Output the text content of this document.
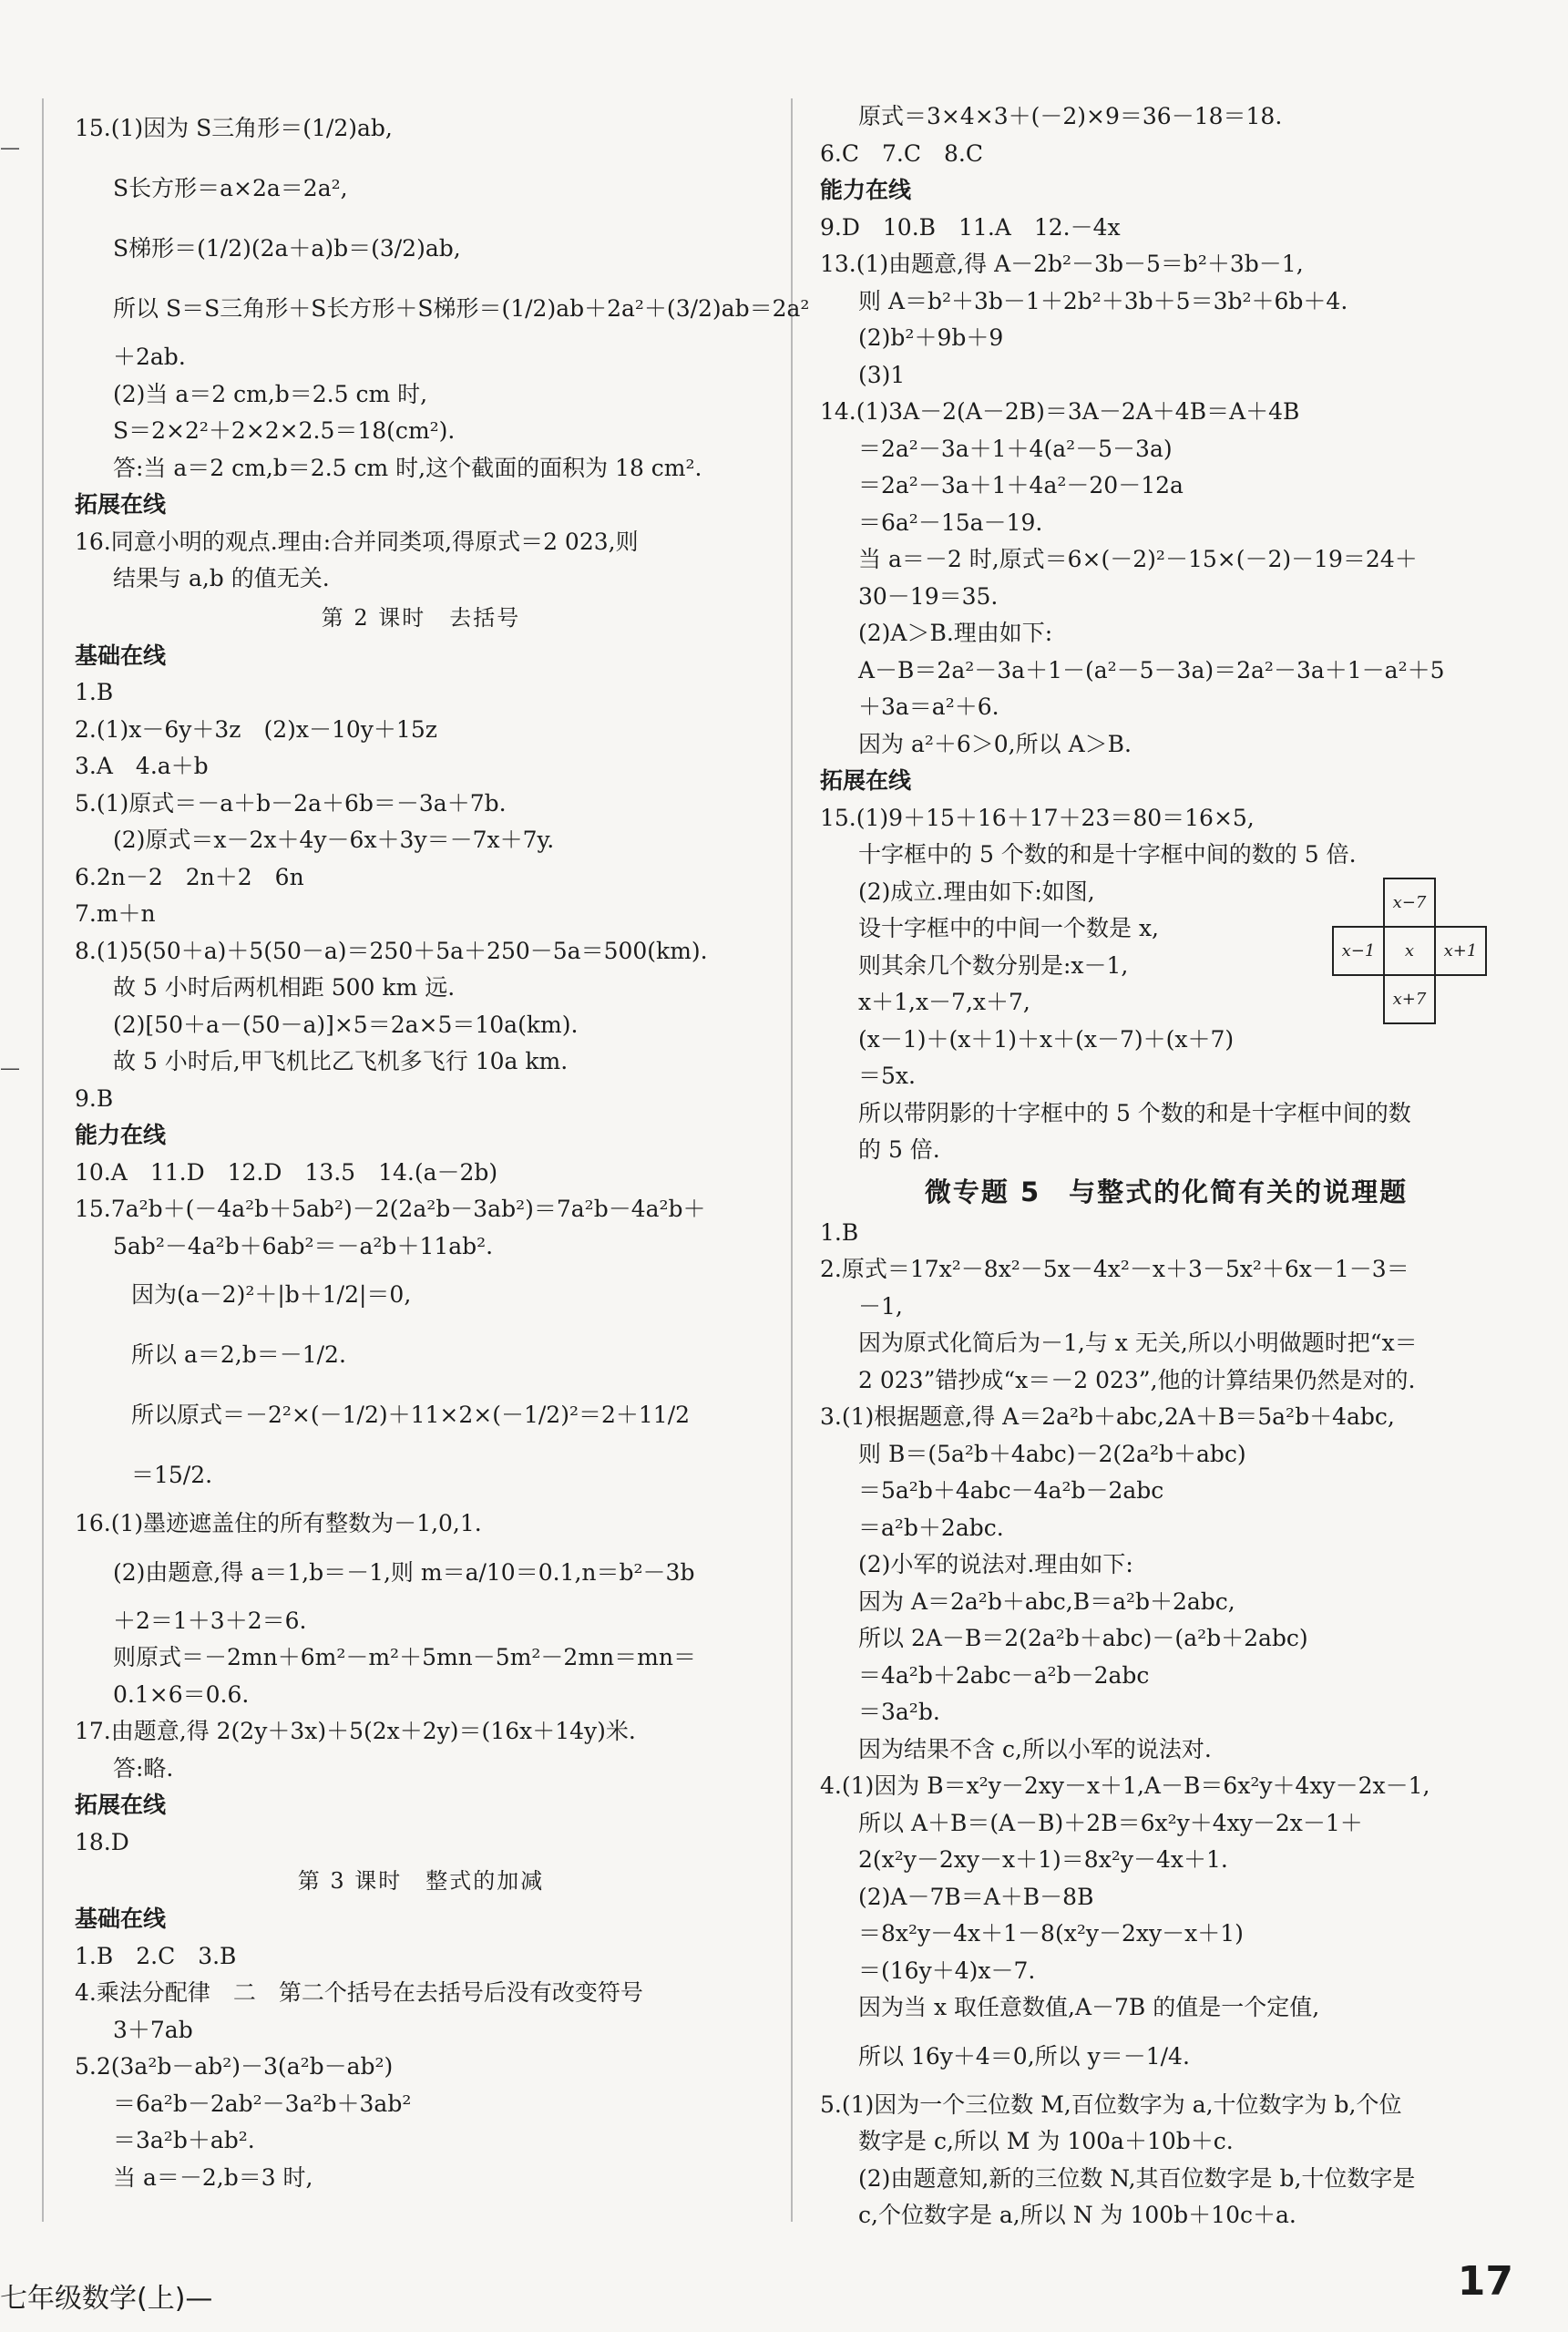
—
—
15.(1)因为 S三角形＝(1/2)ab,
S长方形＝a×2a＝2a²,
S梯形＝(1/2)(2a＋a)b＝(3/2)ab,
所以 S＝S三角形＋S长方形＋S梯形＝(1/2)ab＋2a²＋(3/2)ab＝2a²
＋2ab.
(2)当 a＝2 cm,b＝2.5 cm 时,
S＝2×2²＋2×2×2.5＝18(cm²).
答:当 a＝2 cm,b＝2.5 cm 时,这个截面的面积为 18 cm².
拓展在线
16.同意小明的观点.理由:合并同类项,得原式＝2 023,则
结果与 a,b 的值无关.
第 2 课时　去括号
基础在线
1.B
2.(1)x－6y＋3z　(2)x－10y＋15z
3.A　4.a＋b
5.(1)原式＝－a＋b－2a＋6b＝－3a＋7b.
(2)原式＝x－2x＋4y－6x＋3y＝－7x＋7y.
6.2n－2　2n＋2　6n
7.m＋n
8.(1)5(50＋a)＋5(50－a)＝250＋5a＋250－5a＝500(km).
故 5 小时后两机相距 500 km 远.
(2)[50＋a－(50－a)]×5＝2a×5＝10a(km).
故 5 小时后,甲飞机比乙飞机多飞行 10a km.
9.B
能力在线
10.A　11.D　12.D　13.5　14.(a－2b)
15.7a²b＋(－4a²b＋5ab²)－2(2a²b－3ab²)＝7a²b－4a²b＋
5ab²－4a²b＋6ab²＝－a²b＋11ab².
因为(a－2)²＋|b＋1/2|＝0,
所以 a＝2,b＝－1/2.
所以原式＝－2²×(－1/2)＋11×2×(－1/2)²＝2＋11/2
＝15/2.
16.(1)墨迹遮盖住的所有整数为－1,0,1.
(2)由题意,得 a＝1,b＝－1,则 m＝a/10＝0.1,n＝b²－3b
＋2＝1＋3＋2＝6.
则原式＝－2mn＋6m²－m²＋5mn－5m²－2mn＝mn＝
0.1×6＝0.6.
17.由题意,得 2(2y＋3x)＋5(2x＋2y)＝(16x＋14y)米.
答:略.
拓展在线
18.D
第 3 课时　整式的加减
基础在线
1.B　2.C　3.B
4.乘法分配律　二　第二个括号在去括号后没有改变符号
3＋7ab
5.2(3a²b－ab²)－3(a²b－ab²)
＝6a²b－2ab²－3a²b＋3ab²
＝3a²b＋ab².
当 a＝－2,b＝3 时,
原式＝3×4×3＋(－2)×9＝36－18＝18.
6.C　7.C　8.C
能力在线
9.D　10.B　11.A　12.－4x
13.(1)由题意,得 A－2b²－3b－5＝b²＋3b－1,
则 A＝b²＋3b－1＋2b²＋3b＋5＝3b²＋6b＋4.
(2)b²＋9b＋9
(3)1
14.(1)3A－2(A－2B)＝3A－2A＋4B＝A＋4B
＝2a²－3a＋1＋4(a²－5－3a)
＝2a²－3a＋1＋4a²－20－12a
＝6a²－15a－19.
当 a＝－2 时,原式＝6×(－2)²－15×(－2)－19＝24＋
30－19＝35.
(2)A＞B.理由如下:
A－B＝2a²－3a＋1－(a²－5－3a)＝2a²－3a＋1－a²＋5
＋3a＝a²＋6.
因为 a²＋6＞0,所以 A＞B.
拓展在线
15.(1)9＋15＋16＋17＋23＝80＝16×5,
十字框中的 5 个数的和是十字框中间的数的 5 倍.
(2)成立.理由如下:如图,
设十字框中的中间一个数是 x,
则其余几个数分别是:x－1,
x＋1,x－7,x＋7,
(x－1)＋(x＋1)＋x＋(x－7)＋(x＋7)
＝5x.
所以带阴影的十字框中的 5 个数的和是十字框中间的数
的 5 倍.
微专题 5　与整式的化简有关的说理题
1.B
2.原式＝17x²－8x²－5x－4x²－x＋3－5x²＋6x－1－3＝
－1,
因为原式化简后为－1,与 x 无关,所以小明做题时把“x＝
2 023”错抄成“x＝－2 023”,他的计算结果仍然是对的.
3.(1)根据题意,得 A＝2a²b＋abc,2A＋B＝5a²b＋4abc,
则 B＝(5a²b＋4abc)－2(2a²b＋abc)
＝5a²b＋4abc－4a²b－2abc
＝a²b＋2abc.
(2)小军的说法对.理由如下:
因为 A＝2a²b＋abc,B＝a²b＋2abc,
所以 2A－B＝2(2a²b＋abc)－(a²b＋2abc)
＝4a²b＋2abc－a²b－2abc
＝3a²b.
因为结果不含 c,所以小军的说法对.
4.(1)因为 B＝x²y－2xy－x＋1,A－B＝6x²y＋4xy－2x－1,
所以 A＋B＝(A－B)＋2B＝6x²y＋4xy－2x－1＋
2(x²y－2xy－x＋1)＝8x²y－4x＋1.
(2)A－7B＝A＋B－8B
＝8x²y－4x＋1－8(x²y－2xy－x＋1)
＝(16y＋4)x－7.
因为当 x 取任意数值,A－7B 的值是一个定值,
所以 16y＋4＝0,所以 y＝－1/4.
5.(1)因为一个三位数 M,百位数字为 a,十位数字为 b,个位
数字是 c,所以 M 为 100a＋10b＋c.
(2)由题意知,新的三位数 N,其百位数字是 b,十位数字是
c,个位数字是 a,所以 N 为 100b＋10c＋a.
x−7
x−1	x	x+1
x+7
七年级数学(上)—	17
